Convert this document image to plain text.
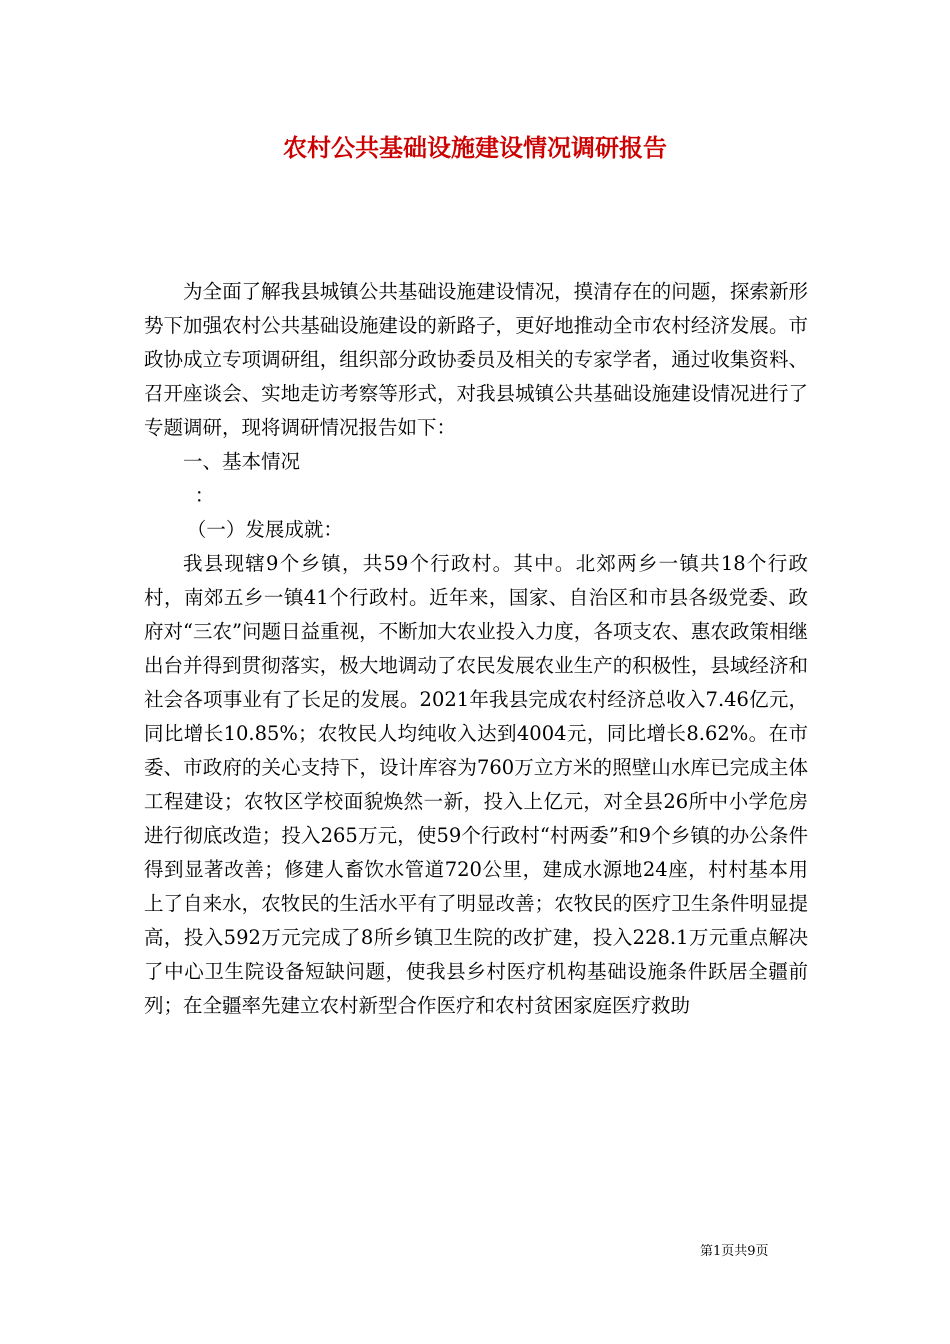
农村公共基础设施建设情况调研报告

为全面了解我县城镇公共基础设施建设情况，摸清存在的问题，探索新形势下加强农村公共基础设施建设的新路子，更好地推动全市农村经济发展。市政协成立专项调研组，组织部分政协委员及相关的专家学者，通过收集资料、召开座谈会、实地走访考察等形式，对我县城镇公共基础设施建设情况进行了专题调研，现将调研情况报告如下：

一、基本情况

：

（一）发展成就：

我县现辖9个乡镇，共59个行政村。其中。北郊两乡一镇共18个行政村，南郊五乡一镇41个行政村。近年来，国家、自治区和市县各级党委、政府对“三农”问题日益重视，不断加大农业投入力度，各项支农、惠农政策相继出台并得到贯彻落实，极大地调动了农民发展农业生产的积极性，县域经济和社会各项事业有了长足的发展。2021年我县完成农村经济总收入7.46亿元，同比增长10.85%；农牧民人均纯收入达到4004元，同比增长8.62%。在市委、市政府的关心支持下，设计库容为760万立方米的照壁山水库已完成主体工程建设；农牧区学校面貌焕然一新，投入上亿元，对全县26所中小学危房进行彻底改造；投入265万元，使59个行政村“村两委”和9个乡镇的办公条件得到显著改善；修建人畜饮水管道720公里，建成水源地24座，村村基本用上了自来水，农牧民的生活水平有了明显改善；农牧民的医疗卫生条件明显提高，投入592万元完成了8所乡镇卫生院的改扩建，投入228.1万元重点解决了中心卫生院设备短缺问题，使我县乡村医疗机构基础设施条件跃居全疆前列；在全疆率先建立农村新型合作医疗和农村贫困家庭医疗救助

第1页共9页
